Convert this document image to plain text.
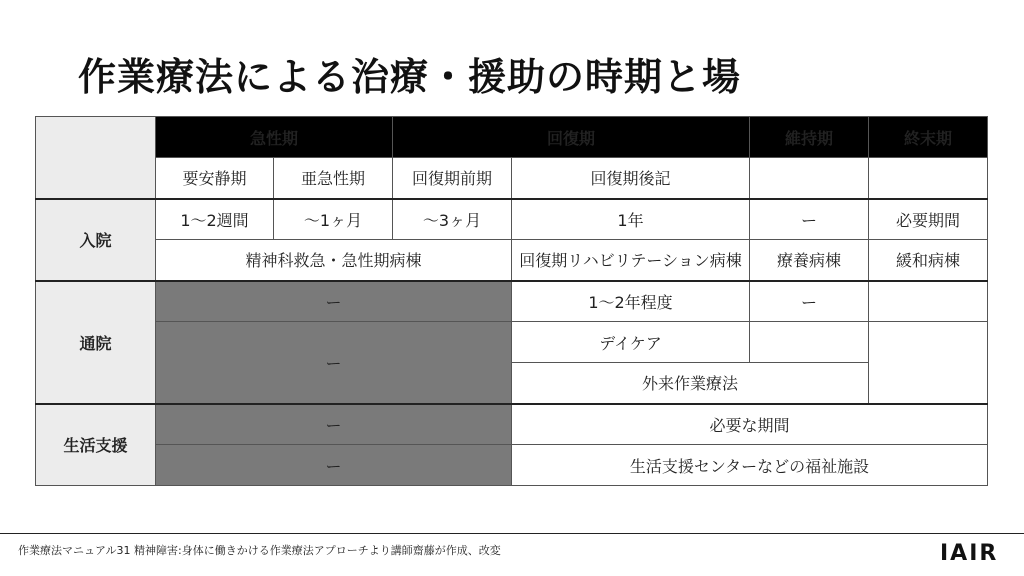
作業療法による治療・援助の時期と場
	急性期		回復期		維持期	終末期
	要安静期	亜急性期	回復期前期	回復期後記		
入院	1〜2週間	〜1ヶ月	〜3ヶ月	1年	ー	必要期間
	精神科救急・急性期病棟			回復期リハビリテーション病棟	療養病棟	緩和病棟
通院	ー			1〜2年程度	ー	
	ー			デイケア		
				外来作業療法		
生活支援	ー			必要な期間		
	ー			生活支援センターなどの福祉施設		
作業療法マニュアル31 精神障害:身体に働きかける作業療法アプローチより講師齋藤が作成、改変	IAIR
